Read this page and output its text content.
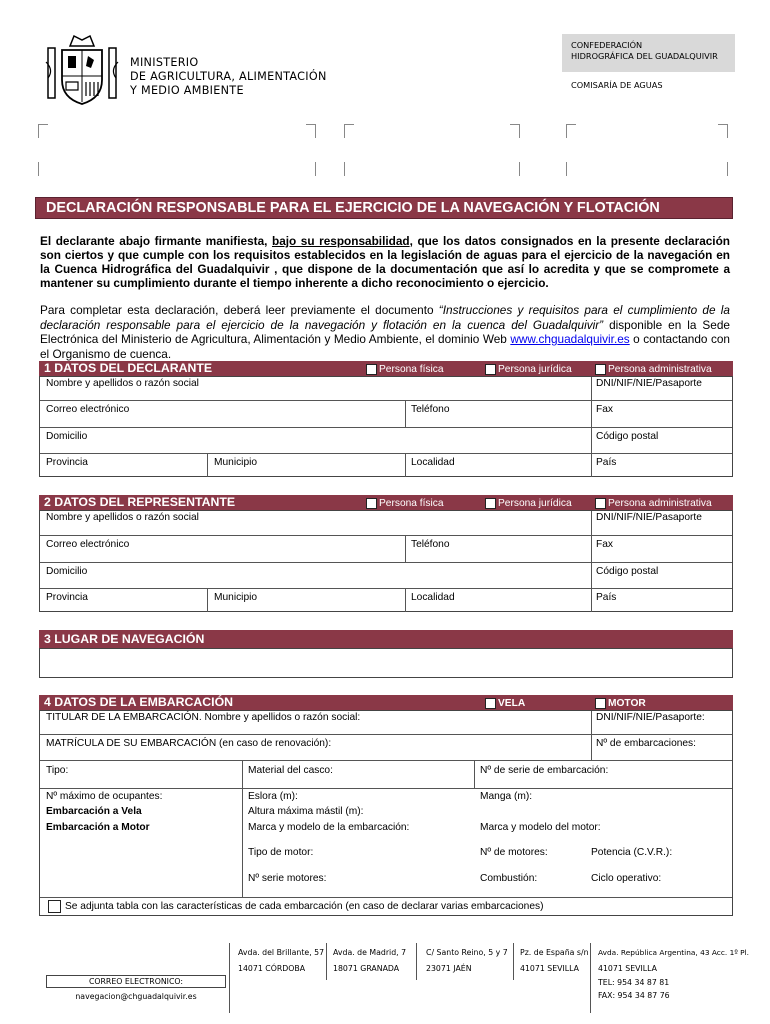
MINISTERIO
DE AGRICULTURA, ALIMENTACIÓN
Y MEDIO AMBIENTE
CONFEDERACIÓN
HIDROGRÁFICA DEL GUADALQUIVIR
COMISARÍA DE AGUAS
DECLARACIÓN RESPONSABLE PARA EL EJERCICIO DE LA NAVEGACIÓN Y FLOTACIÓN
El declarante abajo firmante manifiesta, bajo su responsabilidad, que los datos consignados en la presente declaración son ciertos y que cumple con los requisitos establecidos en la legislación de aguas para el ejercicio de la navegación en la Cuenca Hidrográfica del Guadalquivir , que dispone de la documentación que así lo acredita y que se compromete a mantener su cumplimiento durante el tiempo inherente a dicho reconocimiento o ejercicio.
Para completar esta declaración, deberá leer previamente el documento “Instrucciones y requisitos para el cumplimiento de la declaración responsable para el ejercicio de la navegación y flotación en la cuenca del Guadalquivir” disponible en la Sede Electrónica del Ministerio de Agricultura, Alimentación y Medio Ambiente, el dominio Web www.chguadalquivir.es o contactando con el Organismo de cuenca.
1 DATOS DEL DECLARANTE	Persona física	Persona jurídica	Persona administrativa
Nombre y apellidos o razón social	DNI/NIF/NIE/Pasaporte
Correo electrónico	Teléfono	Fax
Domicilio	Código postal
Provincia	Municipio	Localidad	País
2 DATOS DEL REPRESENTANTE	Persona física	Persona jurídica	Persona administrativa
Nombre y apellidos o razón social	DNI/NIF/NIE/Pasaporte
Correo electrónico	Teléfono	Fax
Domicilio	Código postal
Provincia	Municipio	Localidad	País
3 LUGAR DE NAVEGACIÓN
4 DATOS DE LA EMBARCACIÓN	VELA	MOTOR
TITULAR DE LA EMBARCACIÓN. Nombre y apellidos o razón social:	DNI/NIF/NIE/Pasaporte:
MATRÍCULA DE SU EMBARCACIÓN (en caso de renovación):	Nº de embarcaciones:
Tipo:	Material del casco:	Nº de serie de embarcación:
Nº máximo de ocupantes:	Eslora (m):	Manga (m):
Embarcación a Vela	Altura máxima mástil (m):
Embarcación a Motor	Marca y modelo de la embarcación:	Marca y modelo del motor:
Tipo de motor:	Nº de motores:	Potencia (C.V.R.):
Nº serie motores:	Combustión:	Ciclo operativo:
Se adjunta tabla con las características de cada embarcación (en caso de declarar varias embarcaciones)
Avda. del Brillante, 57
14071 CÓRDOBA
Avda. de Madrid, 7
18071 GRANADA
C/ Santo Reino, 5 y 7
23071 JAÉN
Pz. de España s/n
41071 SEVILLA
Avda. República Argentina, 43 Acc. 1º Pl.
41071 SEVILLA
TEL: 954 34 87 81
FAX: 954 34 87 76
CORREO ELECTRONICO:
navegacion@chguadalquivir.es
